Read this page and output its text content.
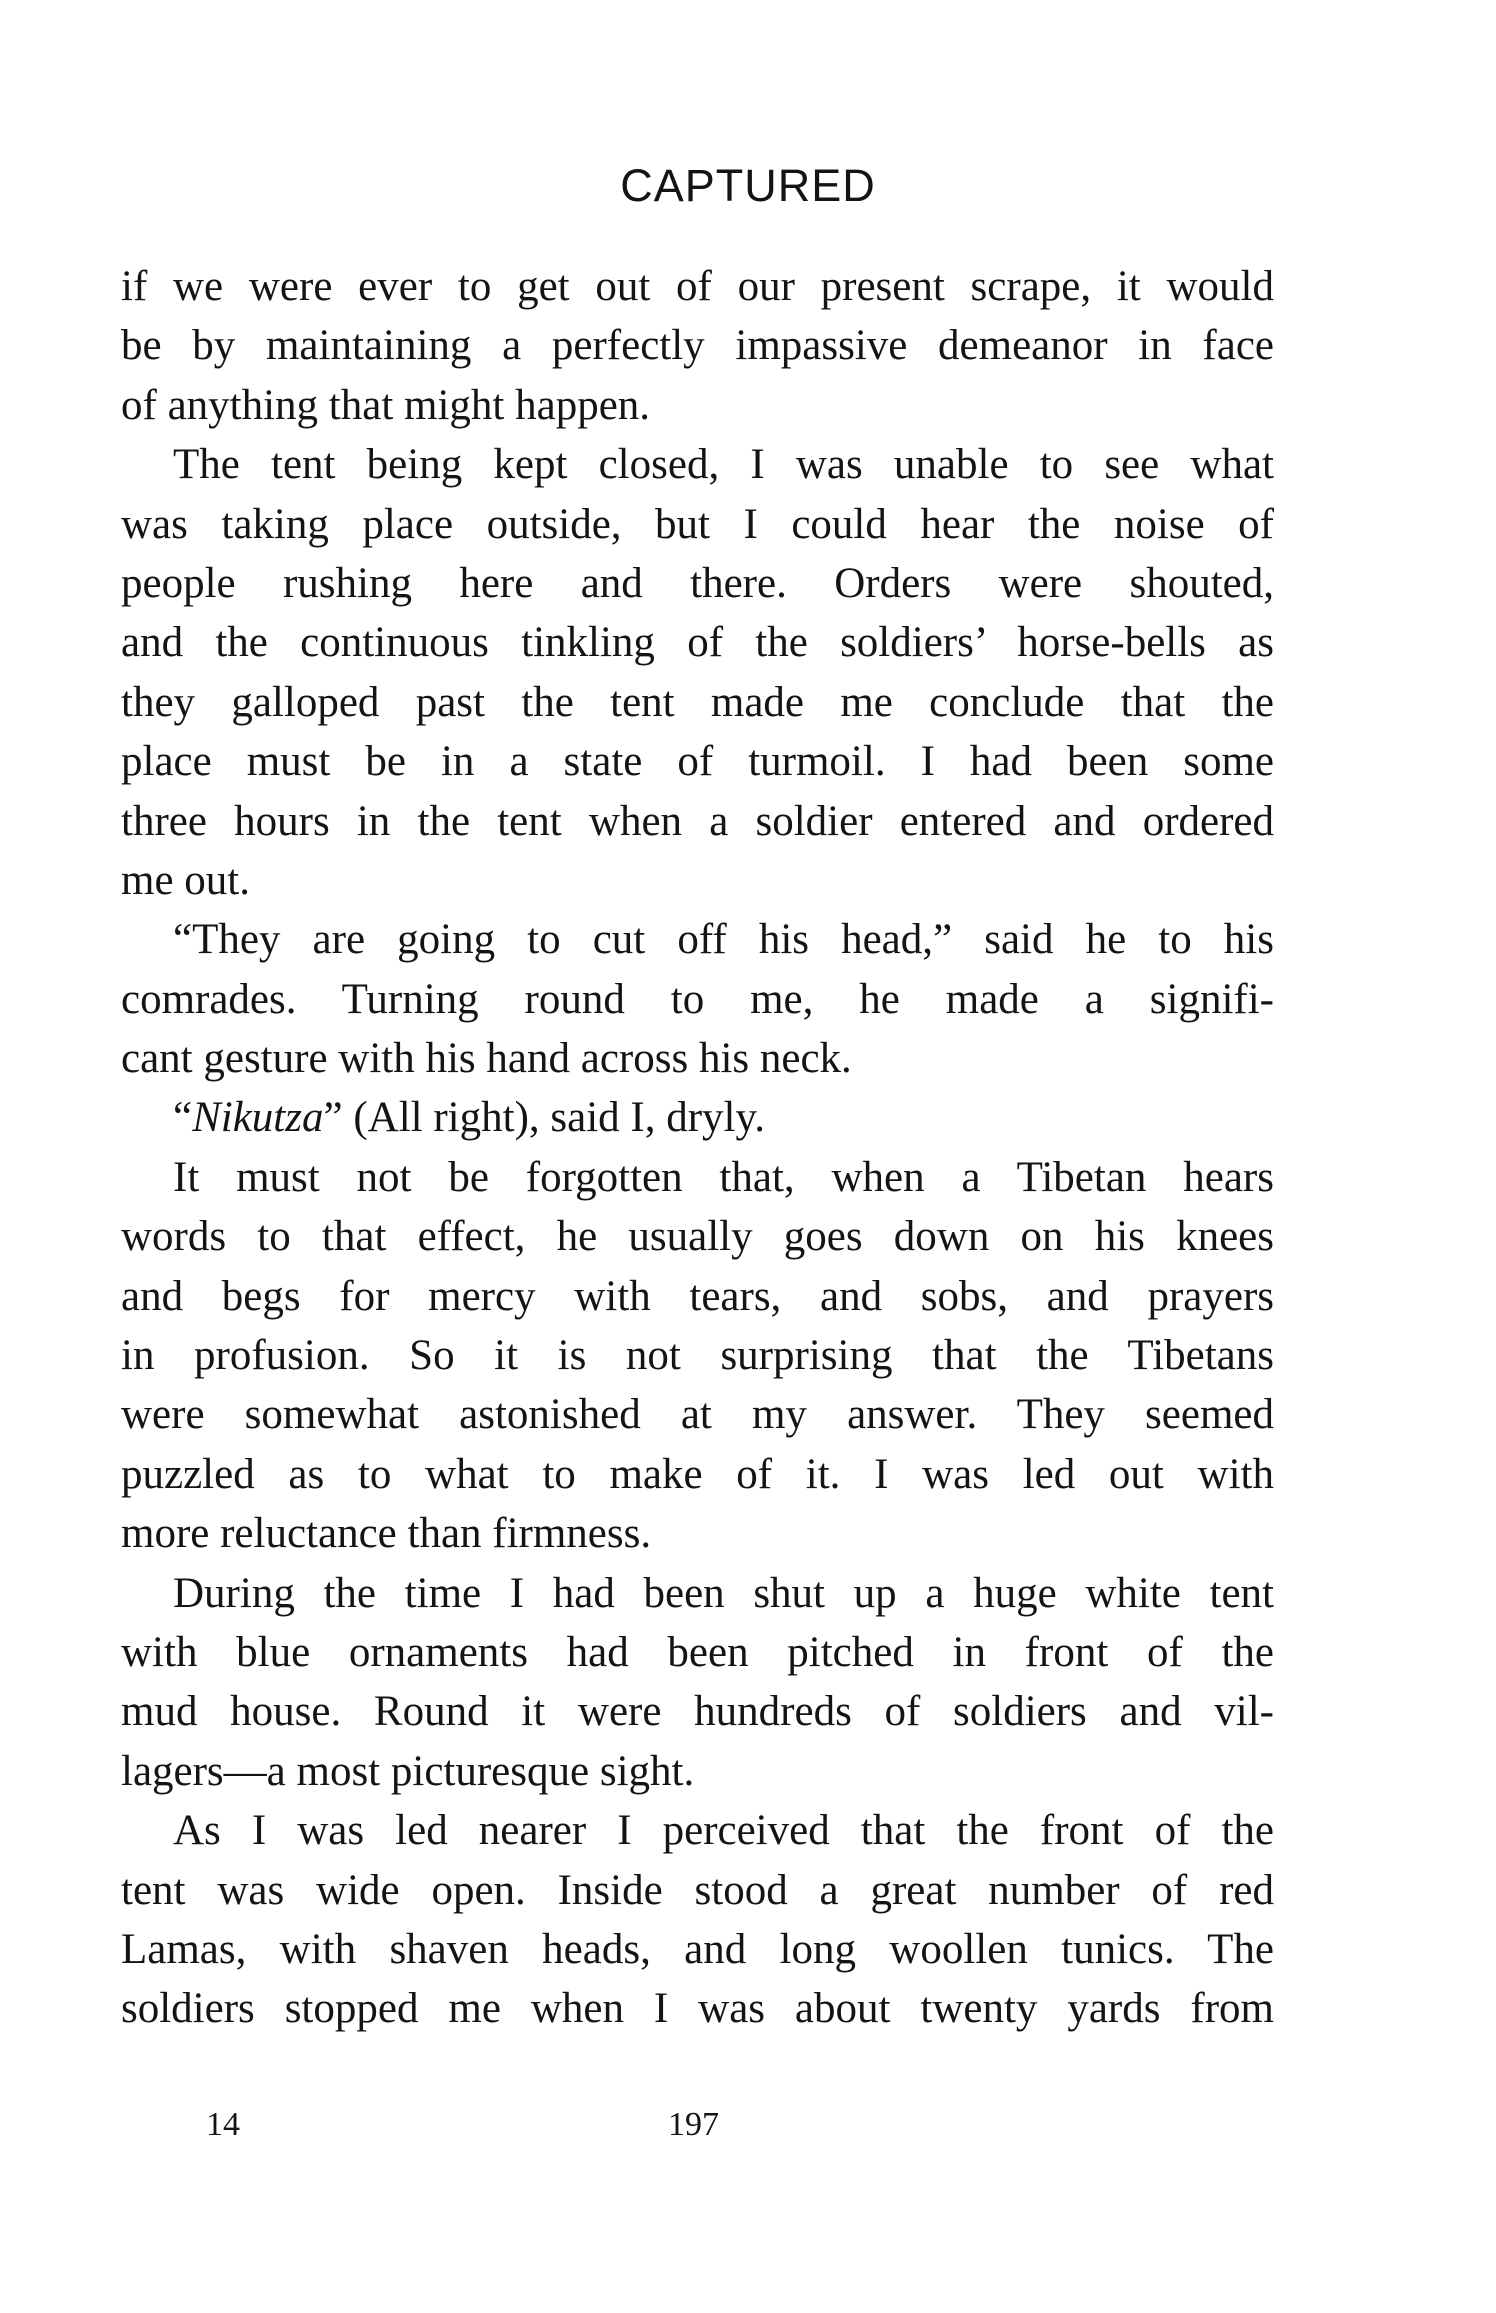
CAPTURED
if we were ever to get out of our present scrape, it would
be by maintaining a perfectly impassive demeanor in face
of anything that might happen.
The tent being kept closed, I was unable to see what
was taking place outside, but I could hear the noise of
people rushing here and there. Orders were shouted,
and the continuous tinkling of the soldiers’ horse-bells as
they galloped past the tent made me conclude that the
place must be in a state of turmoil. I had been some
three hours in the tent when a soldier entered and ordered
me out.
“They are going to cut off his head,” said he to his
comrades. Turning round to me, he made a signifi-
cant gesture with his hand across his neck.
“Nikutza” (All right), said I, dryly.
It must not be forgotten that, when a Tibetan hears
words to that effect, he usually goes down on his knees
and begs for mercy with tears, and sobs, and prayers
in profusion. So it is not surprising that the Tibetans
were somewhat astonished at my answer. They seemed
puzzled as to what to make of it. I was led out with
more reluctance than firmness.
During the time I had been shut up a huge white tent
with blue ornaments had been pitched in front of the
mud house. Round it were hundreds of soldiers and vil-
lagers—a most picturesque sight.
As I was led nearer I perceived that the front of the
tent was wide open. Inside stood a great number of red
Lamas, with shaven heads, and long woollen tunics. The
soldiers stopped me when I was about twenty yards from
14	197
